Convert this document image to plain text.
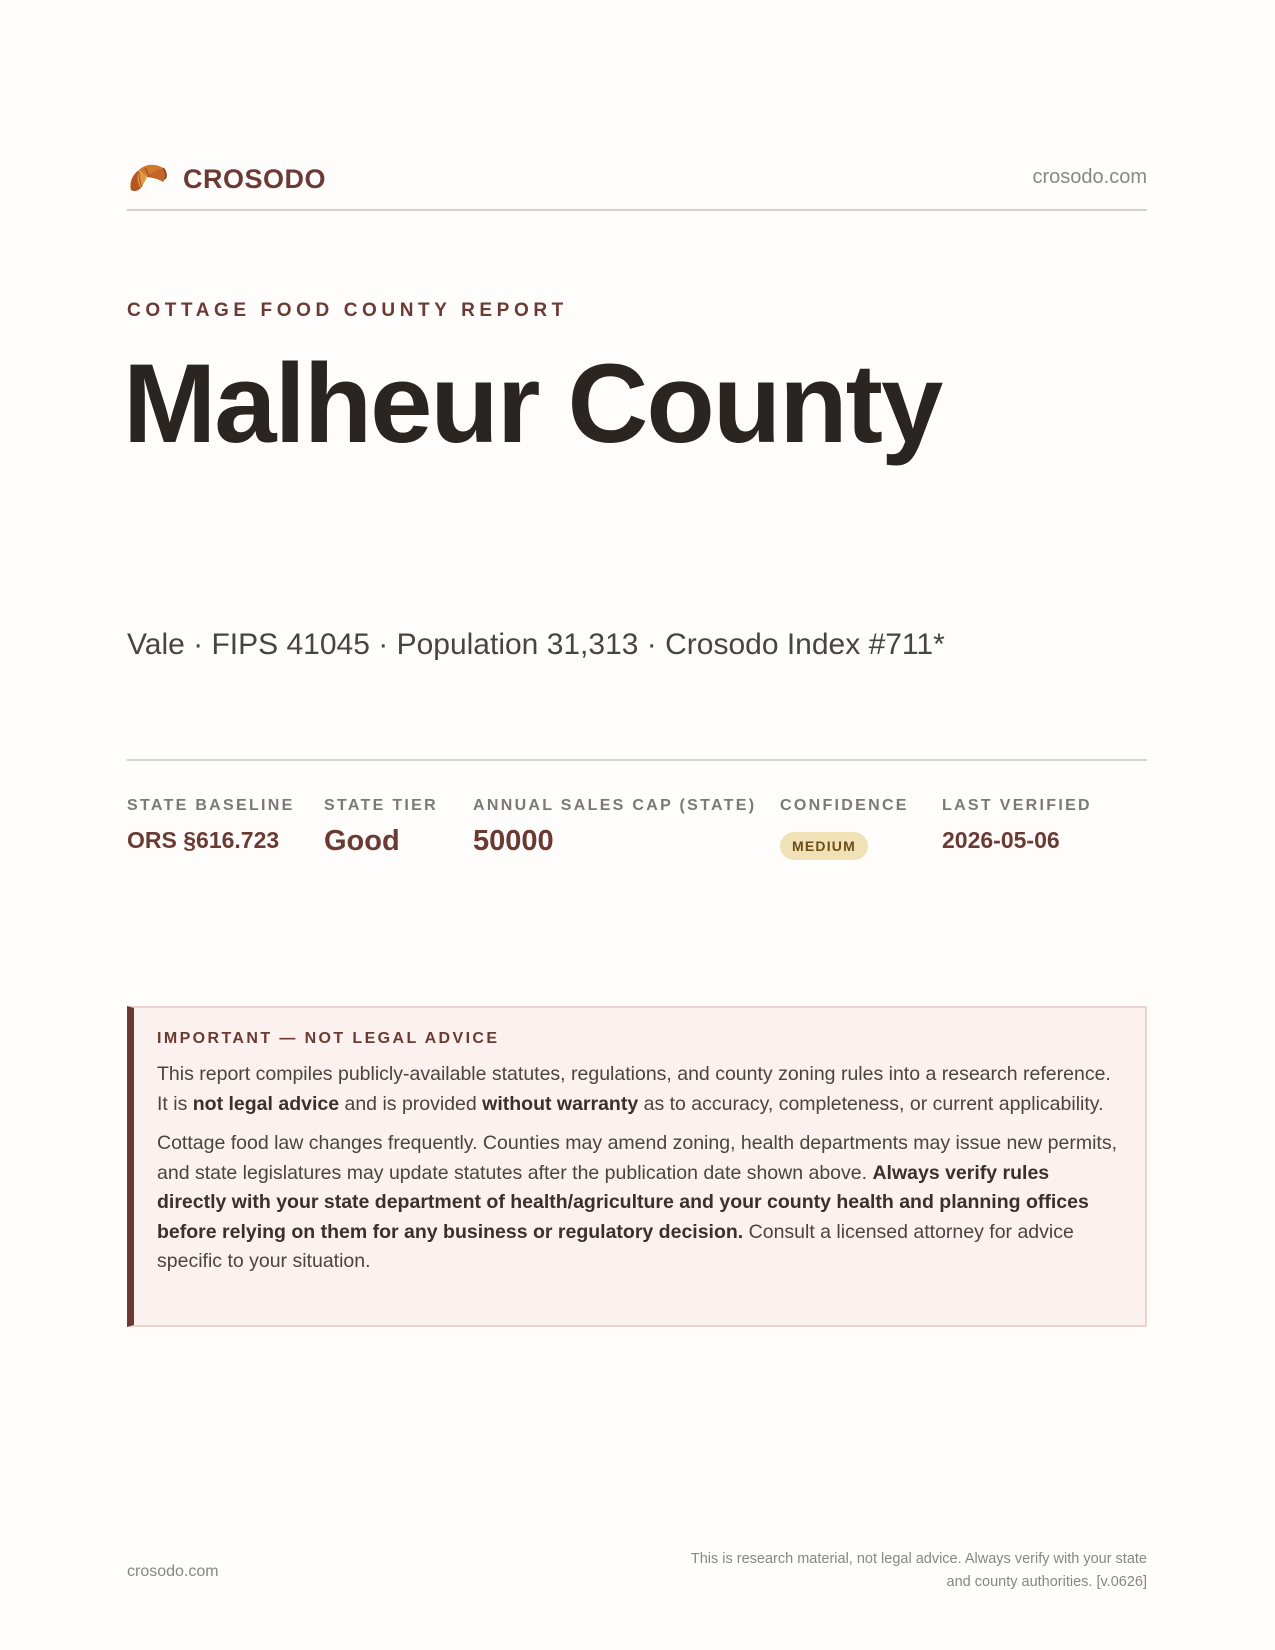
CROSODO	crosodo.com
COTTAGE FOOD COUNTY REPORT
Malheur County
Vale · FIPS 41045 · Population 31,313 · Crosodo Index #711*
STATE BASELINE
ORS §616.723
STATE TIER
Good
ANNUAL SALES CAP (STATE)
50000
CONFIDENCE
MEDIUM
LAST VERIFIED
2026-05-06
IMPORTANT — NOT LEGAL ADVICE

This report compiles publicly-available statutes, regulations, and county zoning rules into a research reference. It is not legal advice and is provided without warranty as to accuracy, completeness, or current applicability.

Cottage food law changes frequently. Counties may amend zoning, health departments may issue new permits, and state legislatures may update statutes after the publication date shown above. Always verify rules directly with your state department of health/agriculture and your county health and planning offices before relying on them for any business or regulatory decision. Consult a licensed attorney for advice specific to your situation.

crosodo.com
This is research material, not legal advice. Always verify with your state
and county authorities. [v.0626]
